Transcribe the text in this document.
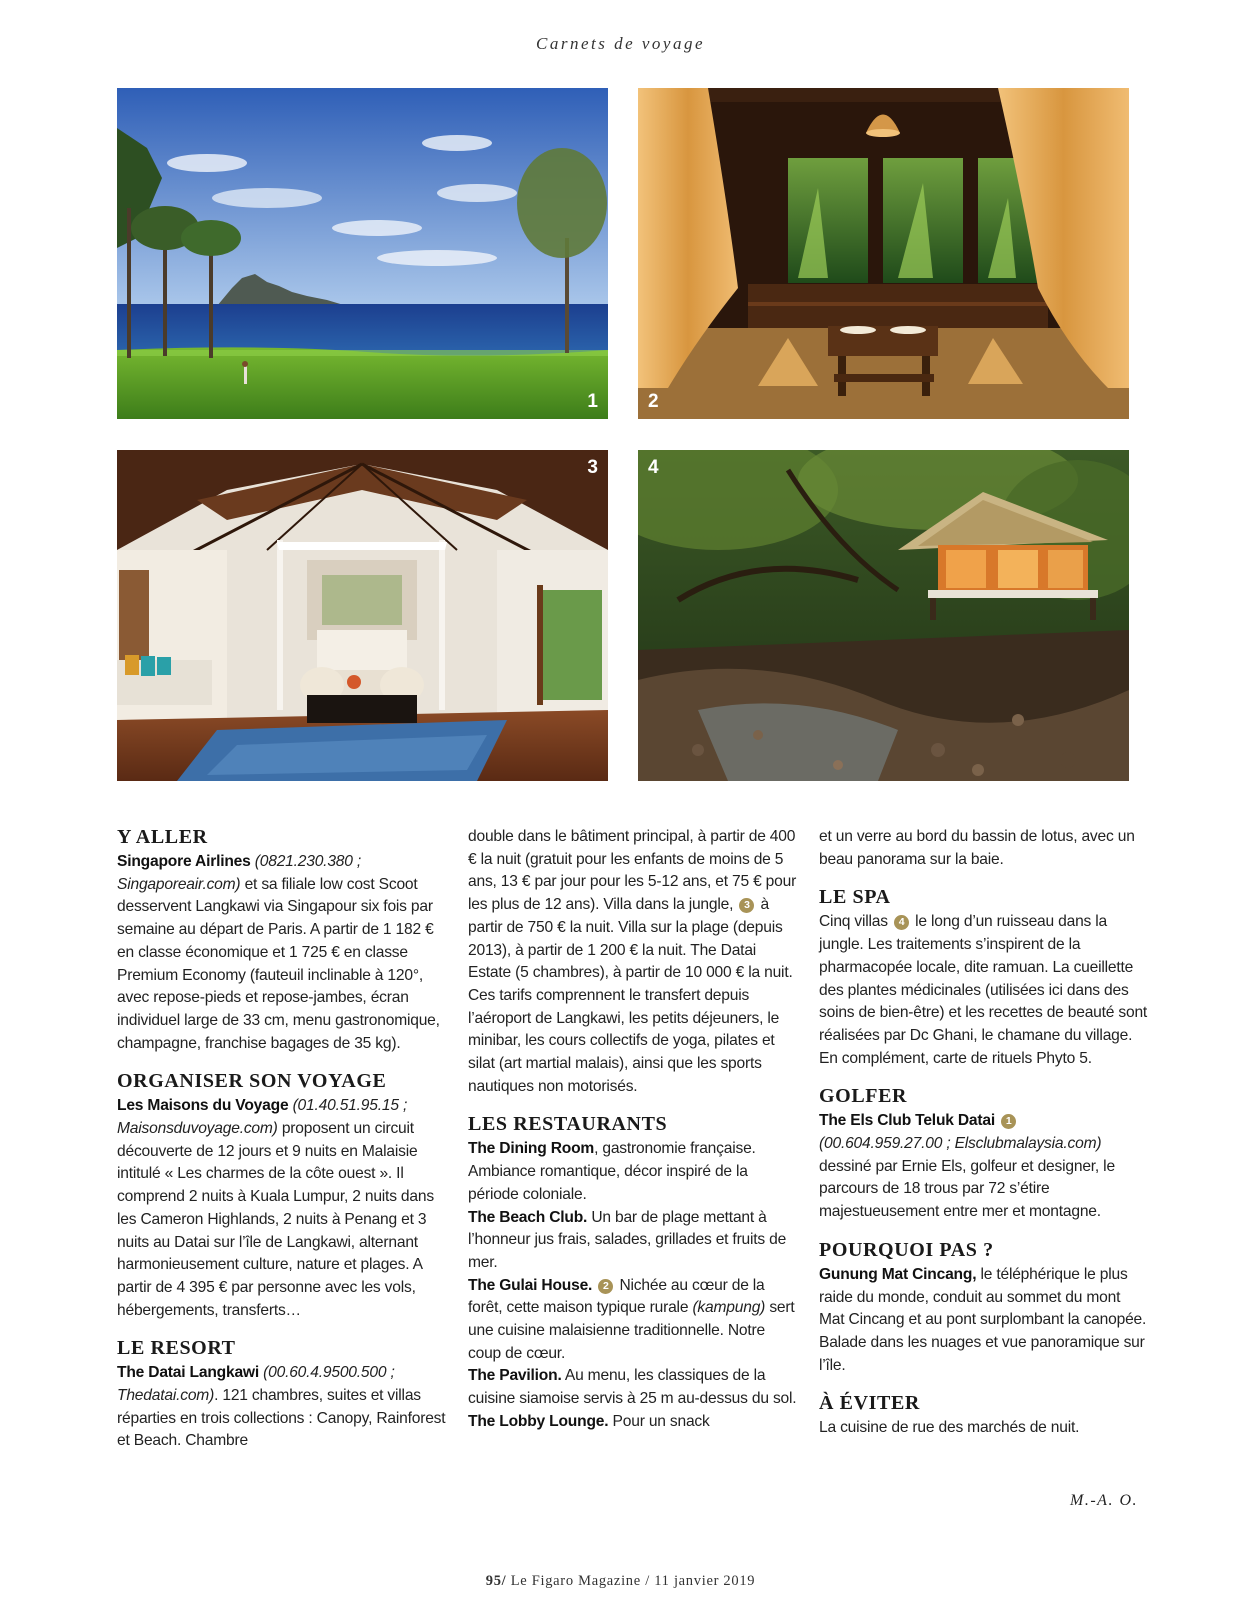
Carnets de voyage
1	2
3	4
Y ALLER

Singapore Airlines (0821.230.380 ; Singaporeair.com) et sa filiale low cost Scoot desservent Langkawi via Singapour six fois par semaine au départ de Paris. A partir de 1 182 € en classe économique et 1 725 € en classe Premium Economy (fauteuil inclinable à 120°, avec repose-pieds et repose-jambes, écran individuel large de 33 cm, menu gastronomique, champagne, franchise bagages de 35 kg).

ORGANISER SON VOYAGE

Les Maisons du Voyage (01.40.51.95.15 ; Maisonsduvoyage.com) proposent un circuit découverte de 12 jours et 9 nuits en Malaisie intitulé « Les charmes de la côte ouest ». Il comprend 2 nuits à Kuala Lumpur, 2 nuits dans les Cameron Highlands, 2 nuits à Penang et 3 nuits au Datai sur l’île de Langkawi, alternant harmonieusement culture, nature et plages. A partir de 4 395 € par personne avec les vols, hébergements, transferts…

LE RESORT

The Datai Langkawi (00.60.4.9500.500 ; Thedatai.com). 121 chambres, suites et villas réparties en trois collections : Canopy, Rainforest et Beach. Chambre

double dans le bâtiment principal, à partir de 400 € la nuit (gratuit pour les enfants de moins de 5 ans, 13 € par jour pour les 5-12 ans, et 75 € pour les plus de 12 ans). Villa dans la jungle, 3 à partir de 750 € la nuit. Villa sur la plage (depuis 2013), à partir de 1 200 € la nuit. The Datai Estate (5 chambres), à partir de 10 000 € la nuit. Ces tarifs comprennent le transfert depuis l’aéroport de Langkawi, les petits déjeuners, le minibar, les cours collectifs de yoga, pilates et silat (art martial malais), ainsi que les sports nautiques non motorisés.

LES RESTAURANTS

The Dining Room, gastronomie française. Ambiance romantique, décor inspiré de la période coloniale.
The Beach Club. Un bar de plage mettant à l’honneur jus frais, salades, grillades et fruits de mer.
The Gulai House. 2 Nichée au cœur de la forêt, cette maison typique rurale (kampung) sert une cuisine malaisienne traditionnelle. Notre coup de cœur.
The Pavilion. Au menu, les classiques de la cuisine siamoise servis à 25 m au-dessus du sol.
The Lobby Lounge. Pour un snack

et un verre au bord du bassin de lotus, avec un beau panorama sur la baie.

LE SPA

Cinq villas 4 le long d’un ruisseau dans la jungle. Les traitements s’inspirent de la pharmacopée locale, dite ramuan. La cueillette des plantes médicinales (utilisées ici dans des soins de bien-être) et les recettes de beauté sont réalisées par Dc Ghani, le chamane du village. En complément, carte de rituels Phyto 5.

GOLFER

The Els Club Teluk Datai 1
(00.604.959.27.00 ; Elsclubmalaysia.com) dessiné par Ernie Els, golfeur et designer, le parcours de 18 trous par 72 s’étire majestueusement entre mer et montagne.

POURQUOI PAS ?

Gunung Mat Cincang, le téléphérique le plus raide du monde, conduit au sommet du mont Mat Cincang et au pont surplombant la canopée. Balade dans les nuages et vue panoramique sur l’île.

À ÉVITER

La cuisine de rue des marchés de nuit.

M.-A. O.
95/ Le Figaro Magazine / 11 janvier 2019
